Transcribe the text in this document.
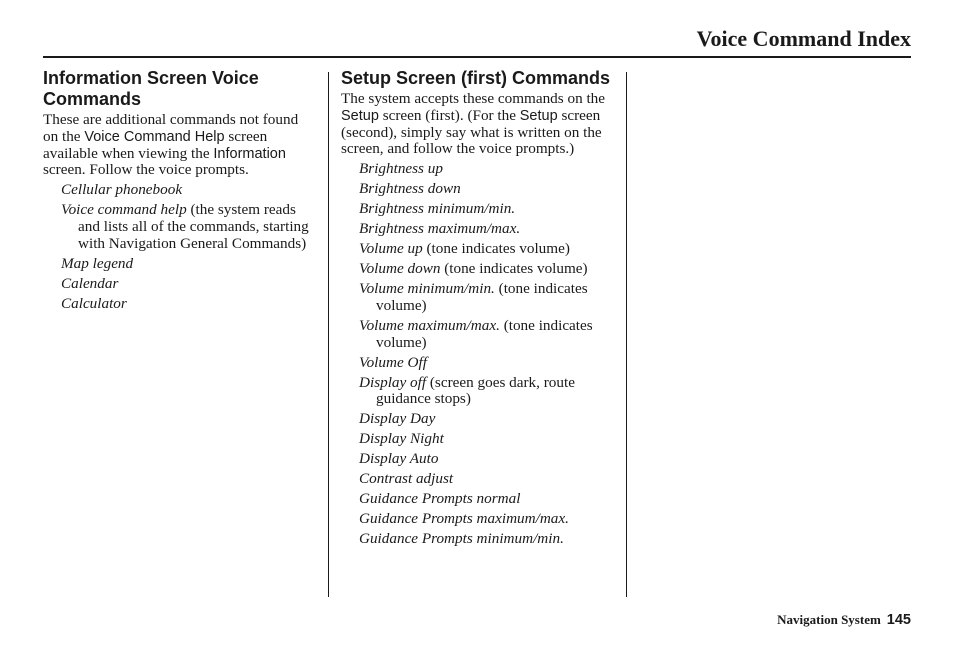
Voice Command Index
Information Screen Voice Commands

These are additional commands not found on the Voice Command Help screen available when viewing the Information screen. Follow the voice prompts.

Cellular phonebook
Voice command help (the system reads and lists all of the commands, starting with Navigation General Commands)
Map legend
Calendar
Calculator
Setup Screen (first) Commands

The system accepts these commands on the Setup screen (first). (For the Setup screen (second), simply say what is written on the screen, and follow the voice prompts.)

Brightness up
Brightness down
Brightness minimum/min.
Brightness maximum/max.
Volume up (tone indicates volume)
Volume down (tone indicates volume)
Volume minimum/min. (tone indicates volume)
Volume maximum/max. (tone indicates volume)
Volume Off
Display off (screen goes dark, route guidance stops)
Display Day
Display Night
Display Auto
Contrast adjust
Guidance Prompts normal
Guidance Prompts maximum/max.
Guidance Prompts minimum/min.
Navigation System 145
